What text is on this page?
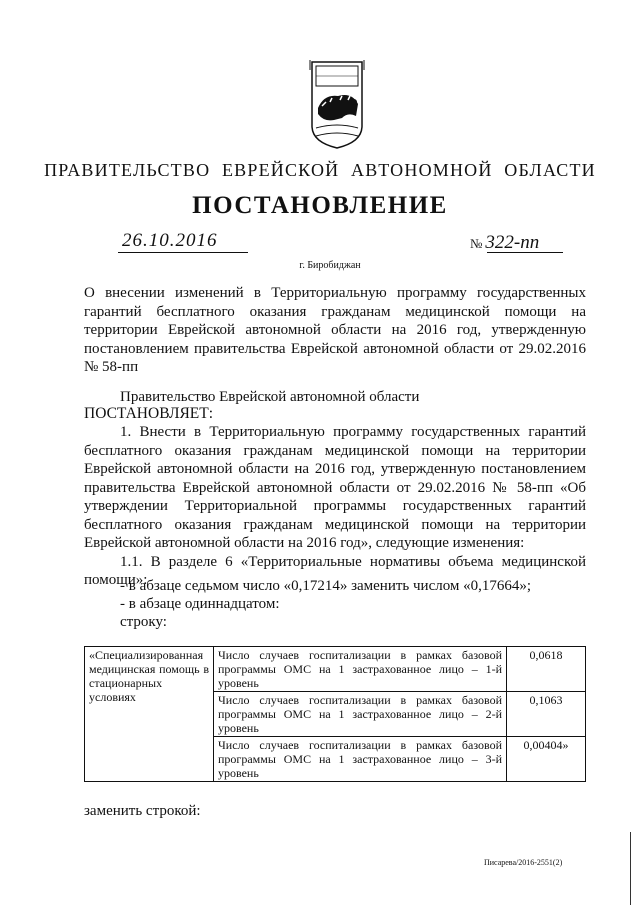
ПРАВИТЕЛЬСТВО ЕВРЕЙСКОЙ АВТОНОМНОЙ ОБЛАСТИ
ПОСТАНОВЛЕНИЕ
26.10.2016	№ 322-пп
г. Биробиджан
О внесении изменений в Территориальную программу государственных гарантий бесплатного оказания гражданам медицинской помощи на территории Еврейской автономной области на 2016 год, утвержденную постановлением правительства Еврейской автономной области от 29.02.2016 № 58-пп
Правительство Еврейской автономной области
ПОСТАНОВЛЯЕТ:

1. Внести в Территориальную программу государственных гарантий бесплатного оказания гражданам медицинской помощи на территории Еврейской автономной области на 2016 год, утвержденную постановлением правительства Еврейской автономной области от 29.02.2016 № 58-пп «Об утверждении Территориальной программы государственных гарантий бесплатного оказания гражданам медицинской помощи на территории Еврейской автономной области на 2016 год», следующие изменения:

1.1. В разделе 6 «Территориальные нормативы объема медицинской помощи»:

- в абзаце седьмом число «0,17214» заменить числом «0,17664»;
- в абзаце одиннадцатом:
строку:
«Специализированная медицинская помощь в стационарных условиях	Число случаев госпитализации в рамках базовой программы ОМС на 1 застрахованное лицо – 1-й уровень	0,0618
	Число случаев госпитализации в рамках базовой программы ОМС на 1 застрахованное лицо – 2-й уровень	0,1063
	Число случаев госпитализации в рамках базовой программы ОМС на 1 застрахованное лицо – 3-й уровень	0,00404»
заменить строкой:
Писарева/2016-2551(2)
